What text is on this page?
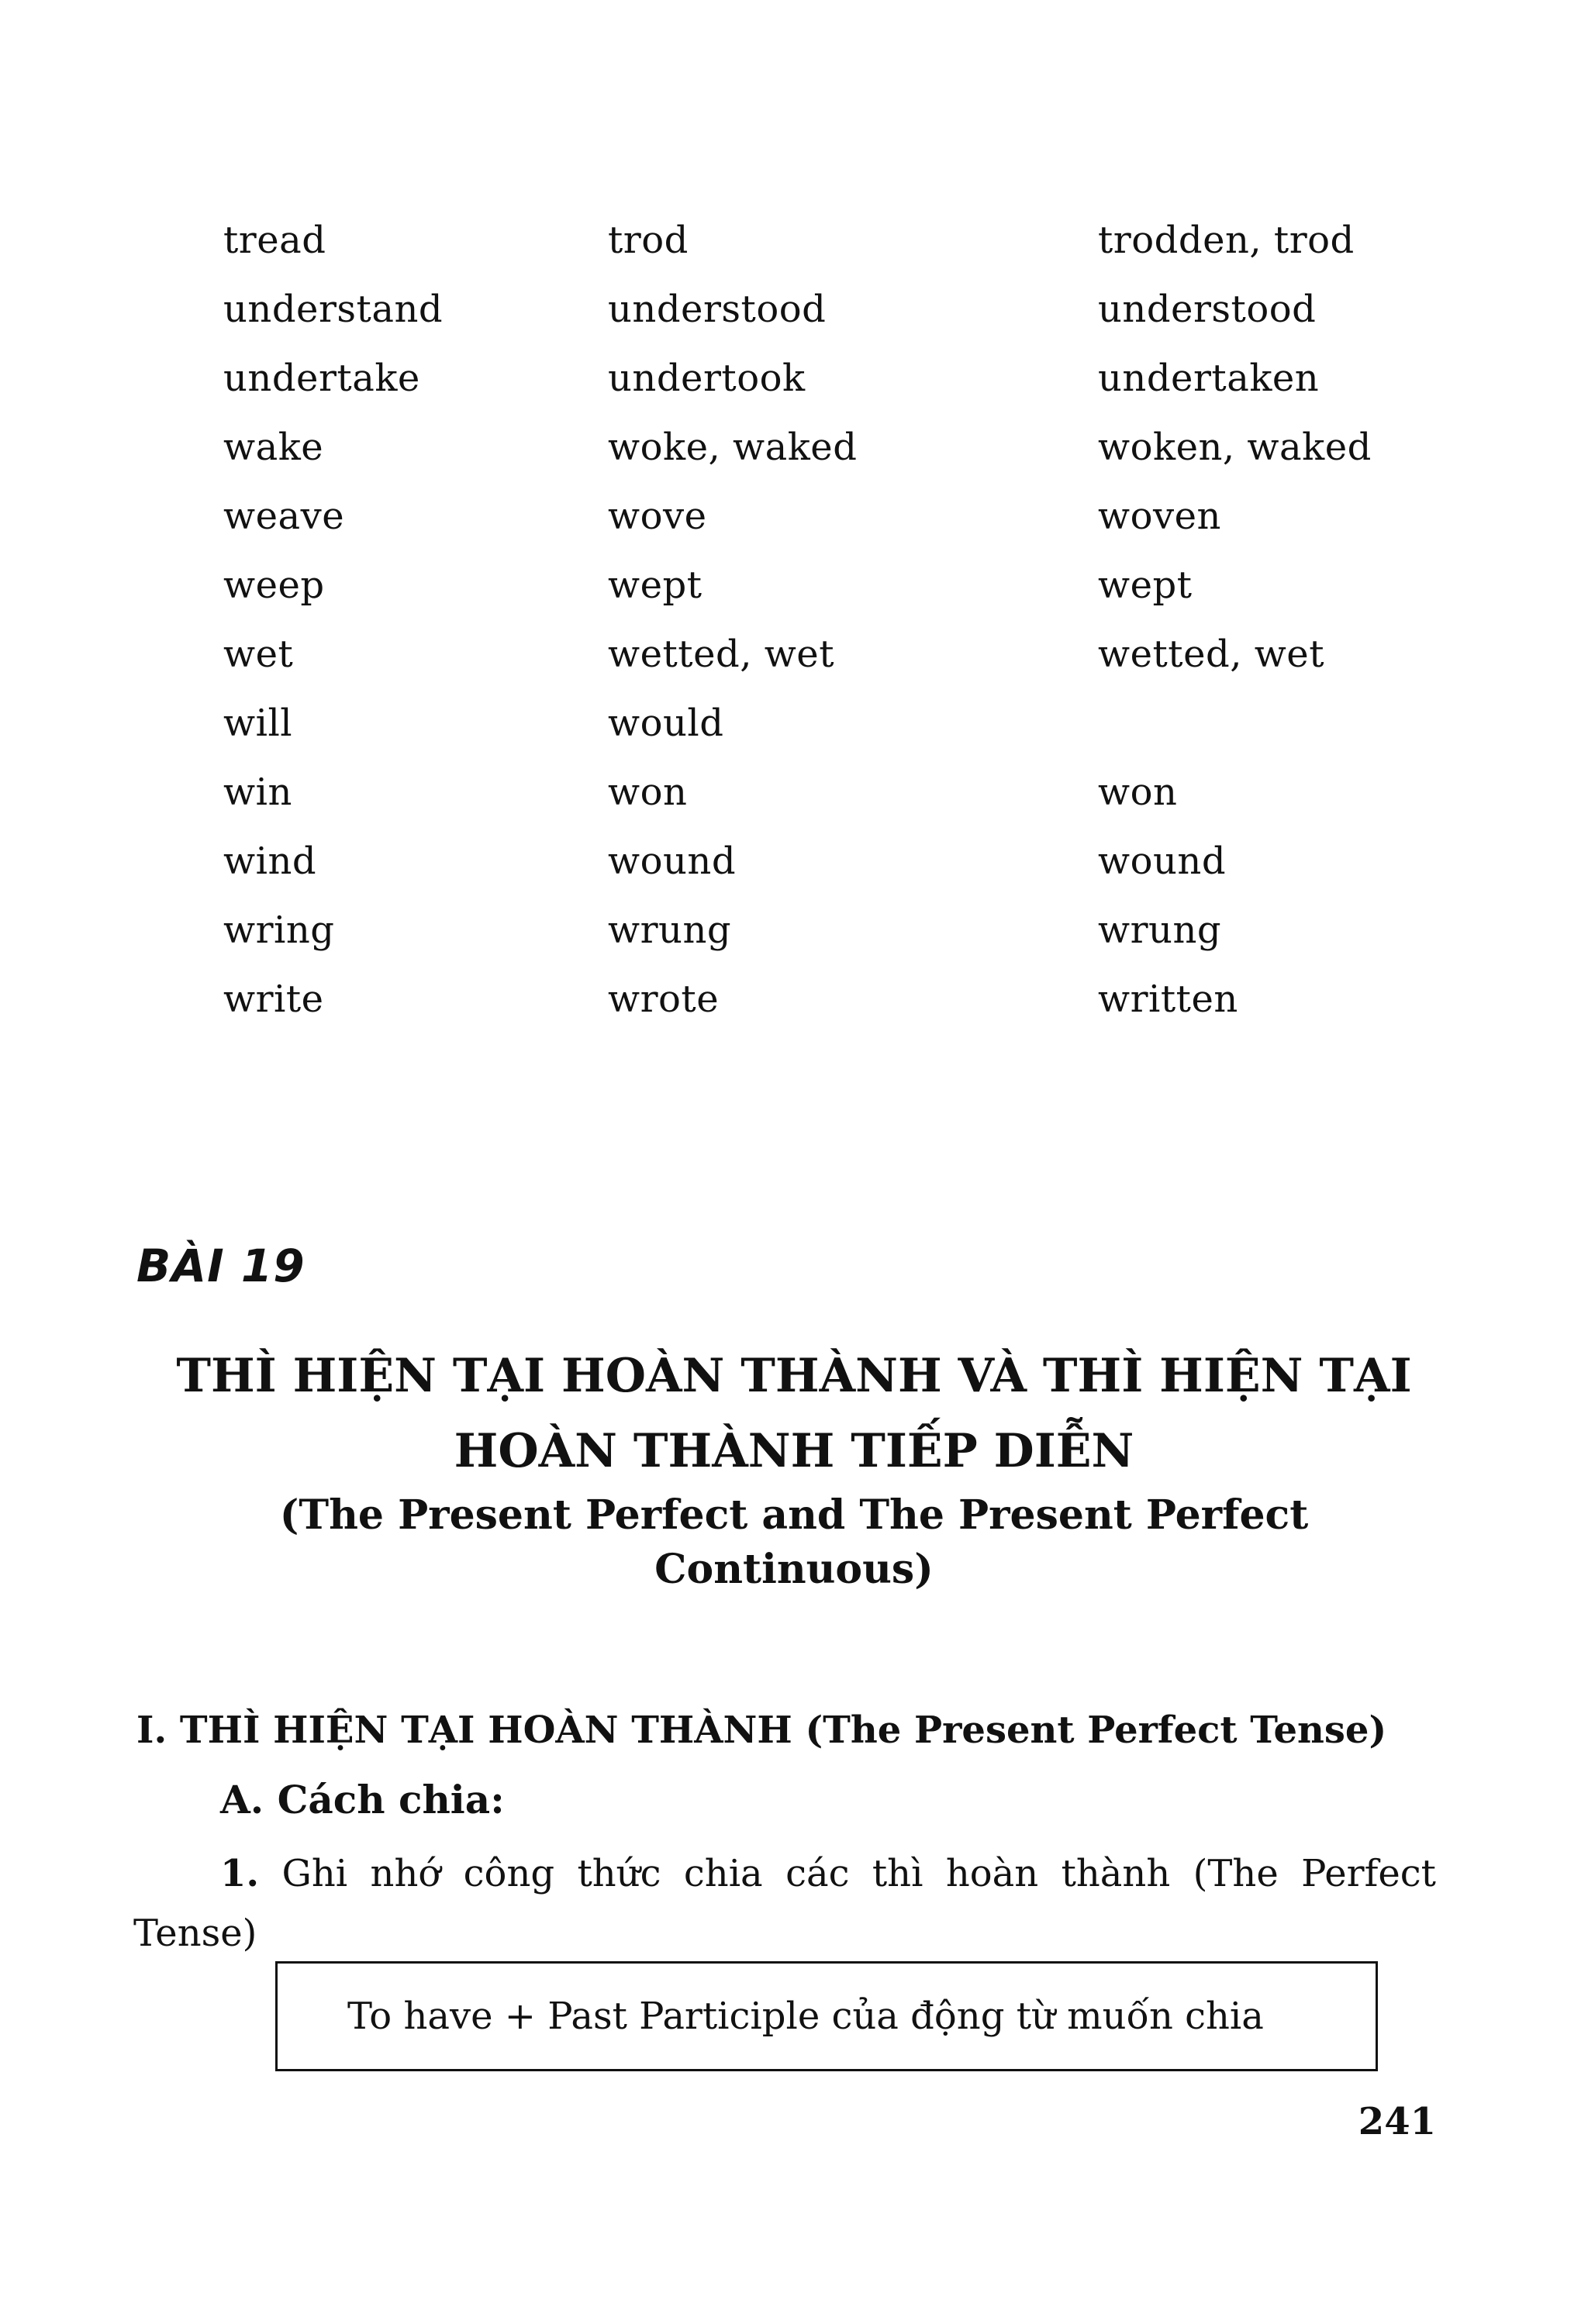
tread	trod	trodden, trod
understand	understood	understood
undertake	undertook	undertaken
wake	woke, waked	woken, waked
weave	wove	woven
weep	wept	wept
wet	wetted, wet	wetted, wet
will	would
win	won	won
wind	wound	wound
wring	wrung	wrung
write	wrote	written
BÀI 19
THÌ HIỆN TẠI HOÀN THÀNH VÀ THÌ HIỆN TẠI
HOÀN THÀNH TIẾP DIỄN
(The Present Perfect and The Present Perfect
Continuous)
I. THÌ HIỆN TẠI HOÀN THÀNH (The Present Perfect Tense)
A. Cách chia:
1. Ghi nhớ công thức chia các thì hoàn thành (The Perfect
Tense)
To have + Past Participle của động từ muốn chia
241
